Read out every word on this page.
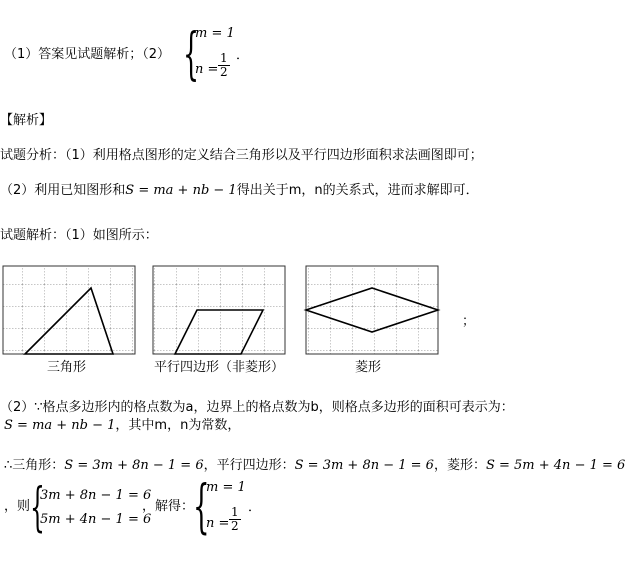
（1）答案见试题解析；（2） {
m = 1
$n = \frac{1}{2}$ ．
【解析】
试题分析：（1）利用格点图形的定义结合三角形以及平行四边形面积求法画图即可；
（2）利用已知图形和S = ma + nb − 1得出关于m，n的关系式，进而求解即可．
试题解析：（1）如图所示：
三角形	平行四边形（非菱形）	菱形
；
（2）∵格点多边形内的格点数为a，边界上的格点数为b，则格点多边形的面积可表示为：
S = ma + nb − 1，其中m，n为常数，
∴三角形：S = 3m + 8n − 1 = 6，平行四边形：S = 3m + 8n − 1 = 6，菱形：S = 5m + 4n − 1 = 6
，则 {
3m + 8n − 1 = 6
5m + 4n − 1 = 6
，解得：
{
m = 1
$n = \frac{1}{2}$ ．
